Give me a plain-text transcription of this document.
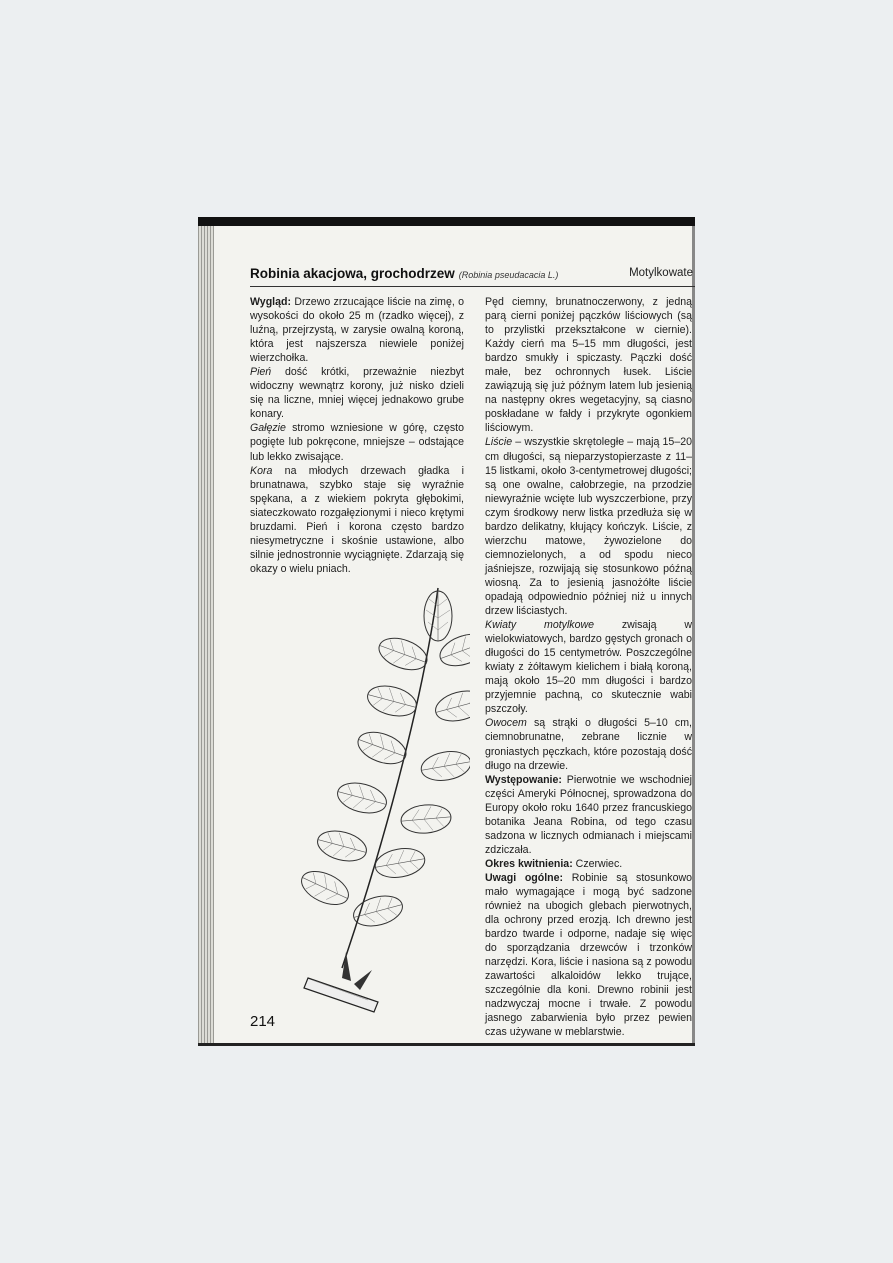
Robinia akacjowa, grochodrzew (Robinia pseudacacia L.)	Motylkowate

Wygląd: Drzewo zrzucające liście na zimę, o wysokości do około 25 m (rzadko więcej), z luźną, przejrzystą, w zarysie owalną koroną, która jest najszersza niewiele poniżej wierzchołka.

Pień dość krótki, przeważnie niezbyt widoczny wewnątrz korony, już nisko dzieli się na liczne, mniej więcej jednakowo grube konary.

Gałęzie stromo wzniesione w górę, często pogięte lub pokręcone, mniejsze – odstające lub lekko zwisające.

Kora na młodych drzewach gładka i brunatnawa, szybko staje się wyraźnie spękana, a z wiekiem pokryta głębokimi, siateczkowato rozgałęzionymi i nieco krętymi bruzdami. Pień i korona często bardzo niesymetryczne i skośnie ustawione, albo silnie jednostronnie wyciągnięte. Zdarzają się okazy o wielu pniach.

Pęd ciemny, brunatnoczerwony, z jedną parą cierni poniżej pączków liściowych (są to przylistki przekształcone w ciernie). Każdy cierń ma 5–15 mm długości, jest bardzo smukły i spiczasty. Pączki dość małe, bez ochronnych łusek. Liście zawiązują się już późnym latem lub jesienią na następny okres wegetacyjny, są ciasno poskładane w fałdy i przykryte ogonkiem liściowym.

Liście – wszystkie skrętoległe – mają 15–20 cm długości, są nieparzystopierzaste z 11–15 listkami, około 3-centymetrowej długości; są one owalne, całobrzegie, na przodzie niewyraźnie wcięte lub wyszczerbione, przy czym środkowy nerw listka przedłuża się w bardzo delikatny, kłujący kończyk. Liście, z wierzchu matowe, żywozielone do ciemnozielonych, a od spodu nieco jaśniejsze, rozwijają się stosunkowo późną wiosną. Za to jesienią jasnożółte liście opadają odpowiednio później niż u innych drzew liściastych.

Kwiaty motylkowe zwisają w wielokwiatowych, bardzo gęstych gronach o długości do 15 centymetrów. Poszczególne kwiaty z żółtawym kielichem i białą koroną, mają około 15–20 mm długości i bardzo przyjemnie pachną, co skutecznie wabi pszczoły.

Owocem są strąki o długości 5–10 cm, ciemnobrunatne, zebrane licznie w groniastych pęczkach, które pozostają dość długo na drzewie.

Występowanie: Pierwotnie we wschodniej części Ameryki Północnej, sprowadzona do Europy około roku 1640 przez francuskiego botanika Jeana Robina, od tego czasu sadzona w licznych odmianach i miejscami zdziczała.

Okres kwitnienia: Czerwiec.

Uwagi ogólne: Robinie są stosunkowo mało wymagające i mogą być sadzone również na ubogich glebach pierwotnych, dla ochrony przed erozją. Ich drewno jest bardzo twarde i odporne, nadaje się więc do sporządzania drzewców i trzonków narzędzi. Kora, liście i nasiona są z powodu zawartości alkaloidów lekko trujące, szczególnie dla koni. Drewno robinii jest nadzwyczaj mocne i trwałe. Z powodu jasnego zabarwienia było przez pewien czas używane w meblarstwie.

214
